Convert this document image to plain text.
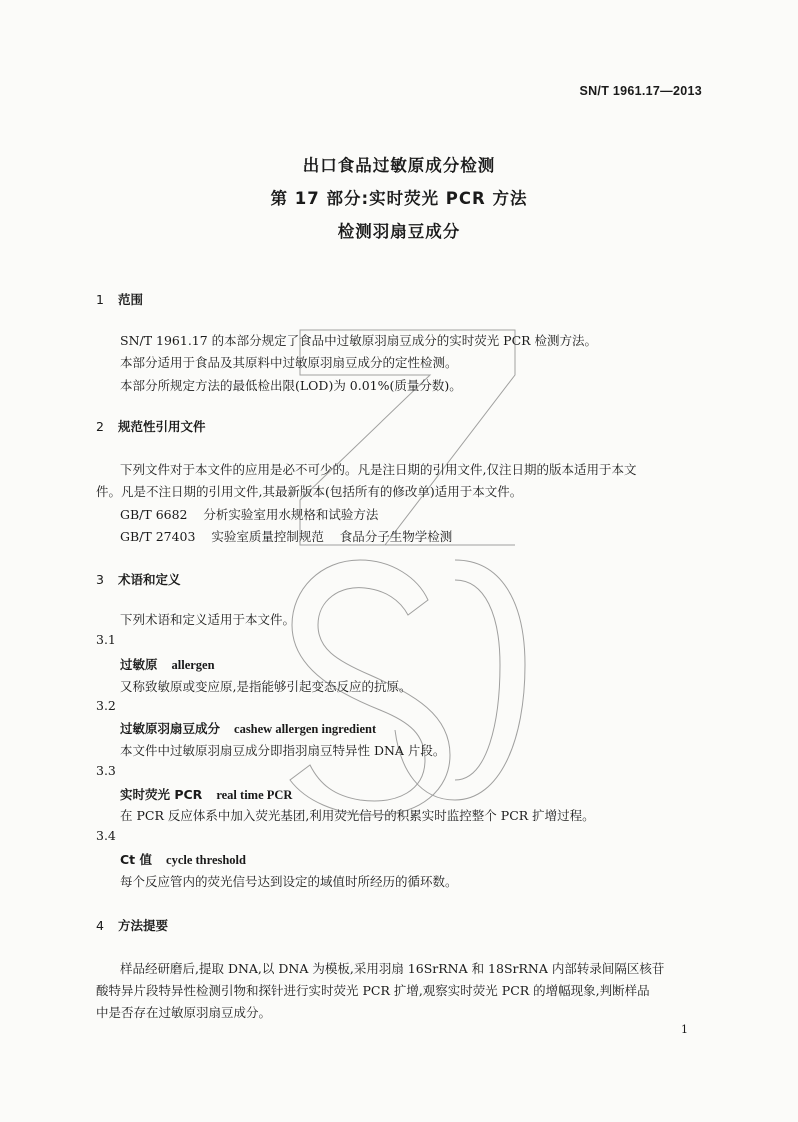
SN/T 1961.17—2013
出口食品过敏原成分检测
第 17 部分:实时荧光 PCR 方法
检测羽扇豆成分
1 范围
SN/T 1961.17 的本部分规定了食品中过敏原羽扇豆成分的实时荧光 PCR 检测方法。
本部分适用于食品及其原料中过敏原羽扇豆成分的定性检测。
本部分所规定方法的最低检出限(LOD)为 0.01%(质量分数)。
2 规范性引用文件
下列文件对于本文件的应用是必不可少的。凡是注日期的引用文件,仅注日期的版本适用于本文
件。凡是不注日期的引用文件,其最新版本(包括所有的修改单)适用于本文件。
GB/T 6682    分析实验室用水规格和试验方法
GB/T 27403    实验室质量控制规范    食品分子生物学检测
3 术语和定义
下列术语和定义适用于本文件。
3.1
过敏原 allergen
又称致敏原或变应原,是指能够引起变态反应的抗原。
3.2
过敏原羽扇豆成分 cashew allergen ingredient
本文件中过敏原羽扇豆成分即指羽扇豆特异性 DNA 片段。
3.3
实时荧光 PCR real time PCR
在 PCR 反应体系中加入荧光基团,利用荧光信号的积累实时监控整个 PCR 扩增过程。
3.4
Ct 值 cycle threshold
每个反应管内的荧光信号达到设定的域值时所经历的循环数。
4 方法提要
样品经研磨后,提取 DNA,以 DNA 为模板,采用羽扇 16SrRNA 和 18SrRNA 内部转录间隔区核苷
酸特异片段特异性检测引物和探针进行实时荧光 PCR 扩增,观察实时荧光 PCR 的增幅现象,判断样品
中是否存在过敏原羽扇豆成分。
1
